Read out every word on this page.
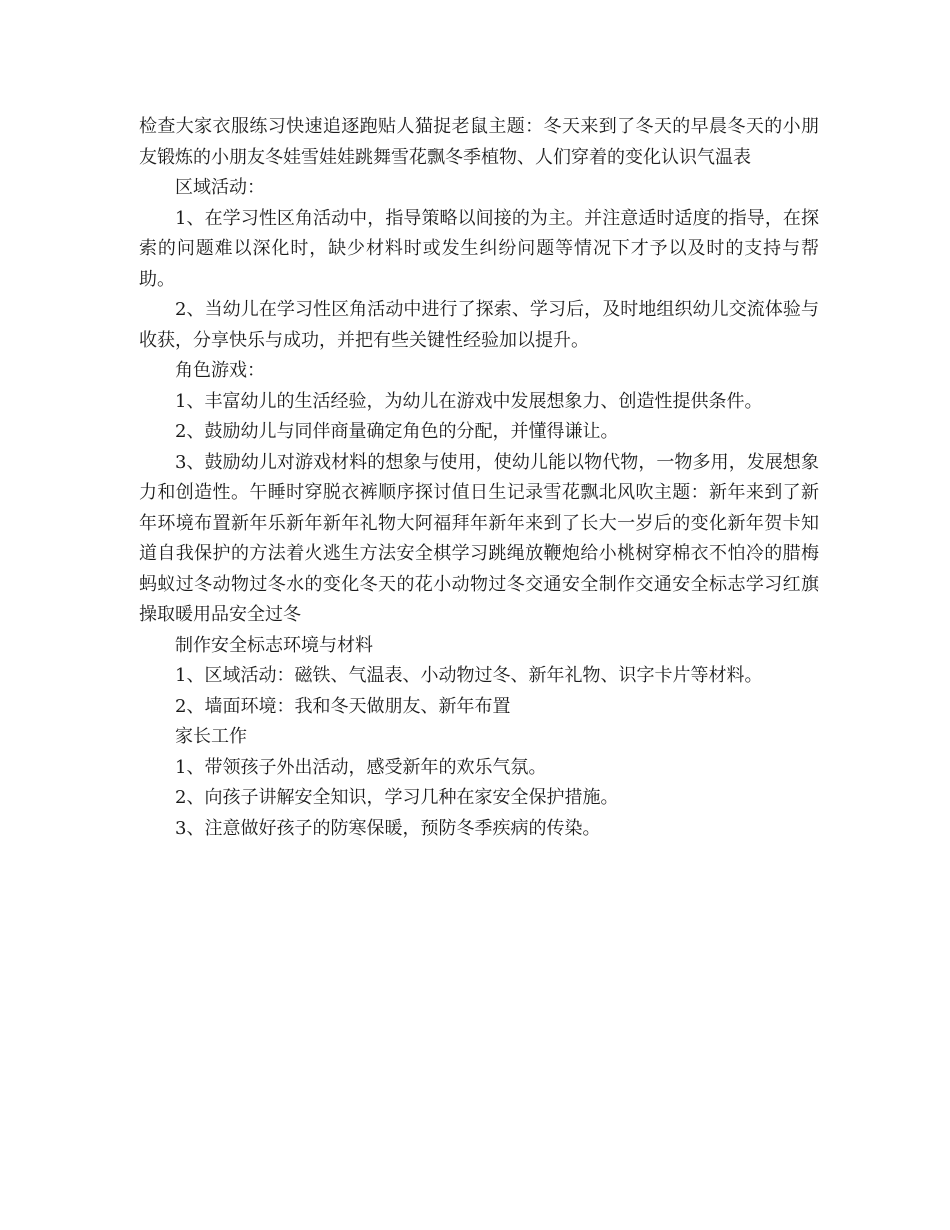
检查大家衣服练习快速追逐跑贴人猫捉老鼠主题：冬天来到了冬天的早晨冬天的小朋友锻炼的小朋友冬娃雪娃娃跳舞雪花飘冬季植物、人们穿着的变化认识气温表

区域活动：

1、在学习性区角活动中，指导策略以间接的为主。并注意适时适度的指导，在探索的问题难以深化时，缺少材料时或发生纠纷问题等情况下才予以及时的支持与帮助。

2、当幼儿在学习性区角活动中进行了探索、学习后，及时地组织幼儿交流体验与收获，分享快乐与成功，并把有些关键性经验加以提升。

角色游戏：

1、丰富幼儿的生活经验，为幼儿在游戏中发展想象力、创造性提供条件。

2、鼓励幼儿与同伴商量确定角色的分配，并懂得谦让。

3、鼓励幼儿对游戏材料的想象与使用，使幼儿能以物代物，一物多用，发展想象力和创造性。午睡时穿脱衣裤顺序探讨值日生记录雪花飘北风吹主题：新年来到了新年环境布置新年乐新年新年礼物大阿福拜年新年来到了长大一岁后的变化新年贺卡知道自我保护的方法着火逃生方法安全棋学习跳绳放鞭炮给小桃树穿棉衣不怕冷的腊梅蚂蚁过冬动物过冬水的变化冬天的花小动物过冬交通安全制作交通安全标志学习红旗操取暖用品安全过冬

制作安全标志环境与材料

1、区域活动：磁铁、气温表、小动物过冬、新年礼物、识字卡片等材料。

2、墙面环境：我和冬天做朋友、新年布置

家长工作

1、带领孩子外出活动，感受新年的欢乐气氛。

2、向孩子讲解安全知识，学习几种在家安全保护措施。

3、注意做好孩子的防寒保暖，预防冬季疾病的传染。
